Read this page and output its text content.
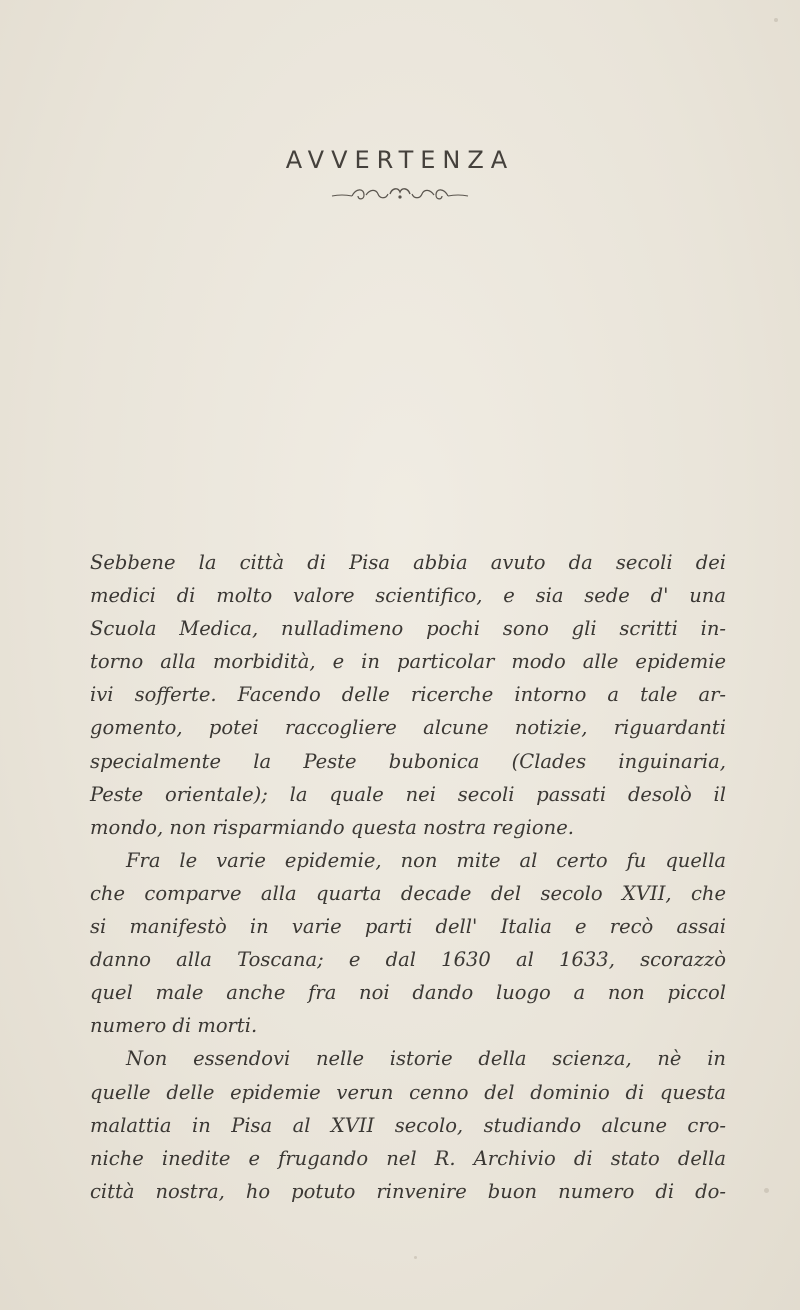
AVVERTENZA

Sebbene la città di Pisa abbia avuto da secoli dei

medici di molto valore scientifico, e sia sede d' una

Scuola Medica, nulladimeno pochi sono gli scritti in-

torno alla morbidità, e in particolar modo alle epidemie

ivi sofferte. Facendo delle ricerche intorno a tale ar-

gomento, potei raccogliere alcune notizie, riguardanti

specialmente la Peste bubonica (Clades inguinaria,

Peste orientale); la quale nei secoli passati desolò il

mondo, non risparmiando questa nostra regione.

Fra le varie epidemie, non mite al certo fu quella

che comparve alla quarta decade del secolo XVII, che

si manifestò in varie parti dell' Italia e recò assai

danno alla Toscana; e dal 1630 al 1633, scorazzò

quel male anche fra noi dando luogo a non piccol

numero di morti.

Non essendovi nelle istorie della scienza, nè in

quelle delle epidemie verun cenno del dominio di questa

malattia in Pisa al XVII secolo, studiando alcune cro-

niche inedite e frugando nel R. Archivio di stato della

città nostra, ho potuto rinvenire buon numero di do-
